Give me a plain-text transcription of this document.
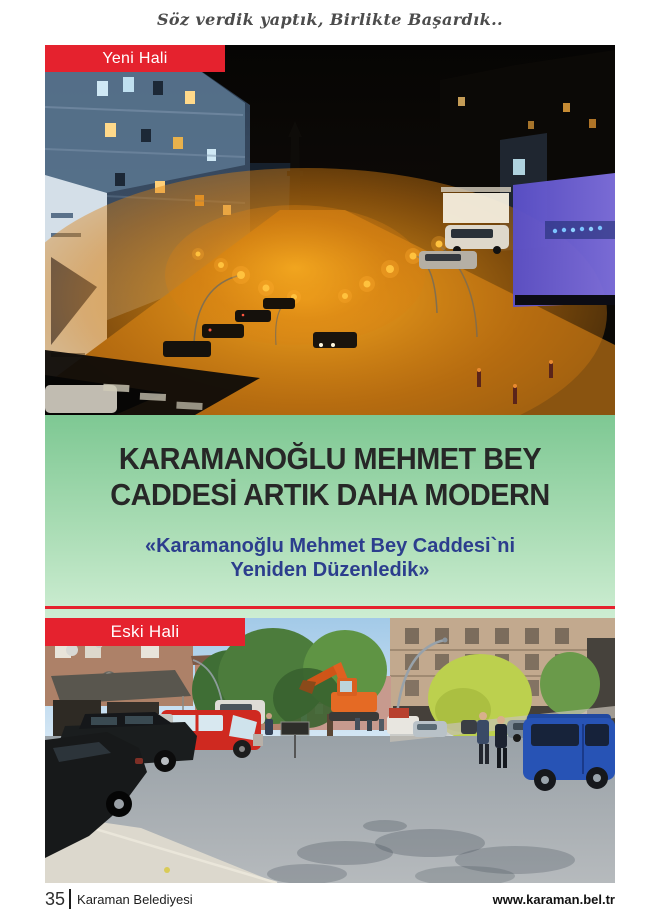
Söz verdik yaptık, Birlikte Başardık..
Yeni Hali
KARAMANOĞLU MEHMET BEY
CADDESİ ARTIK DAHA MODERN
«Karamanoğlu Mehmet Bey Caddesi`ni
Yeniden Düzenledik»
Eski Hali
35 Karaman Belediyesi	www.karaman.bel.tr
